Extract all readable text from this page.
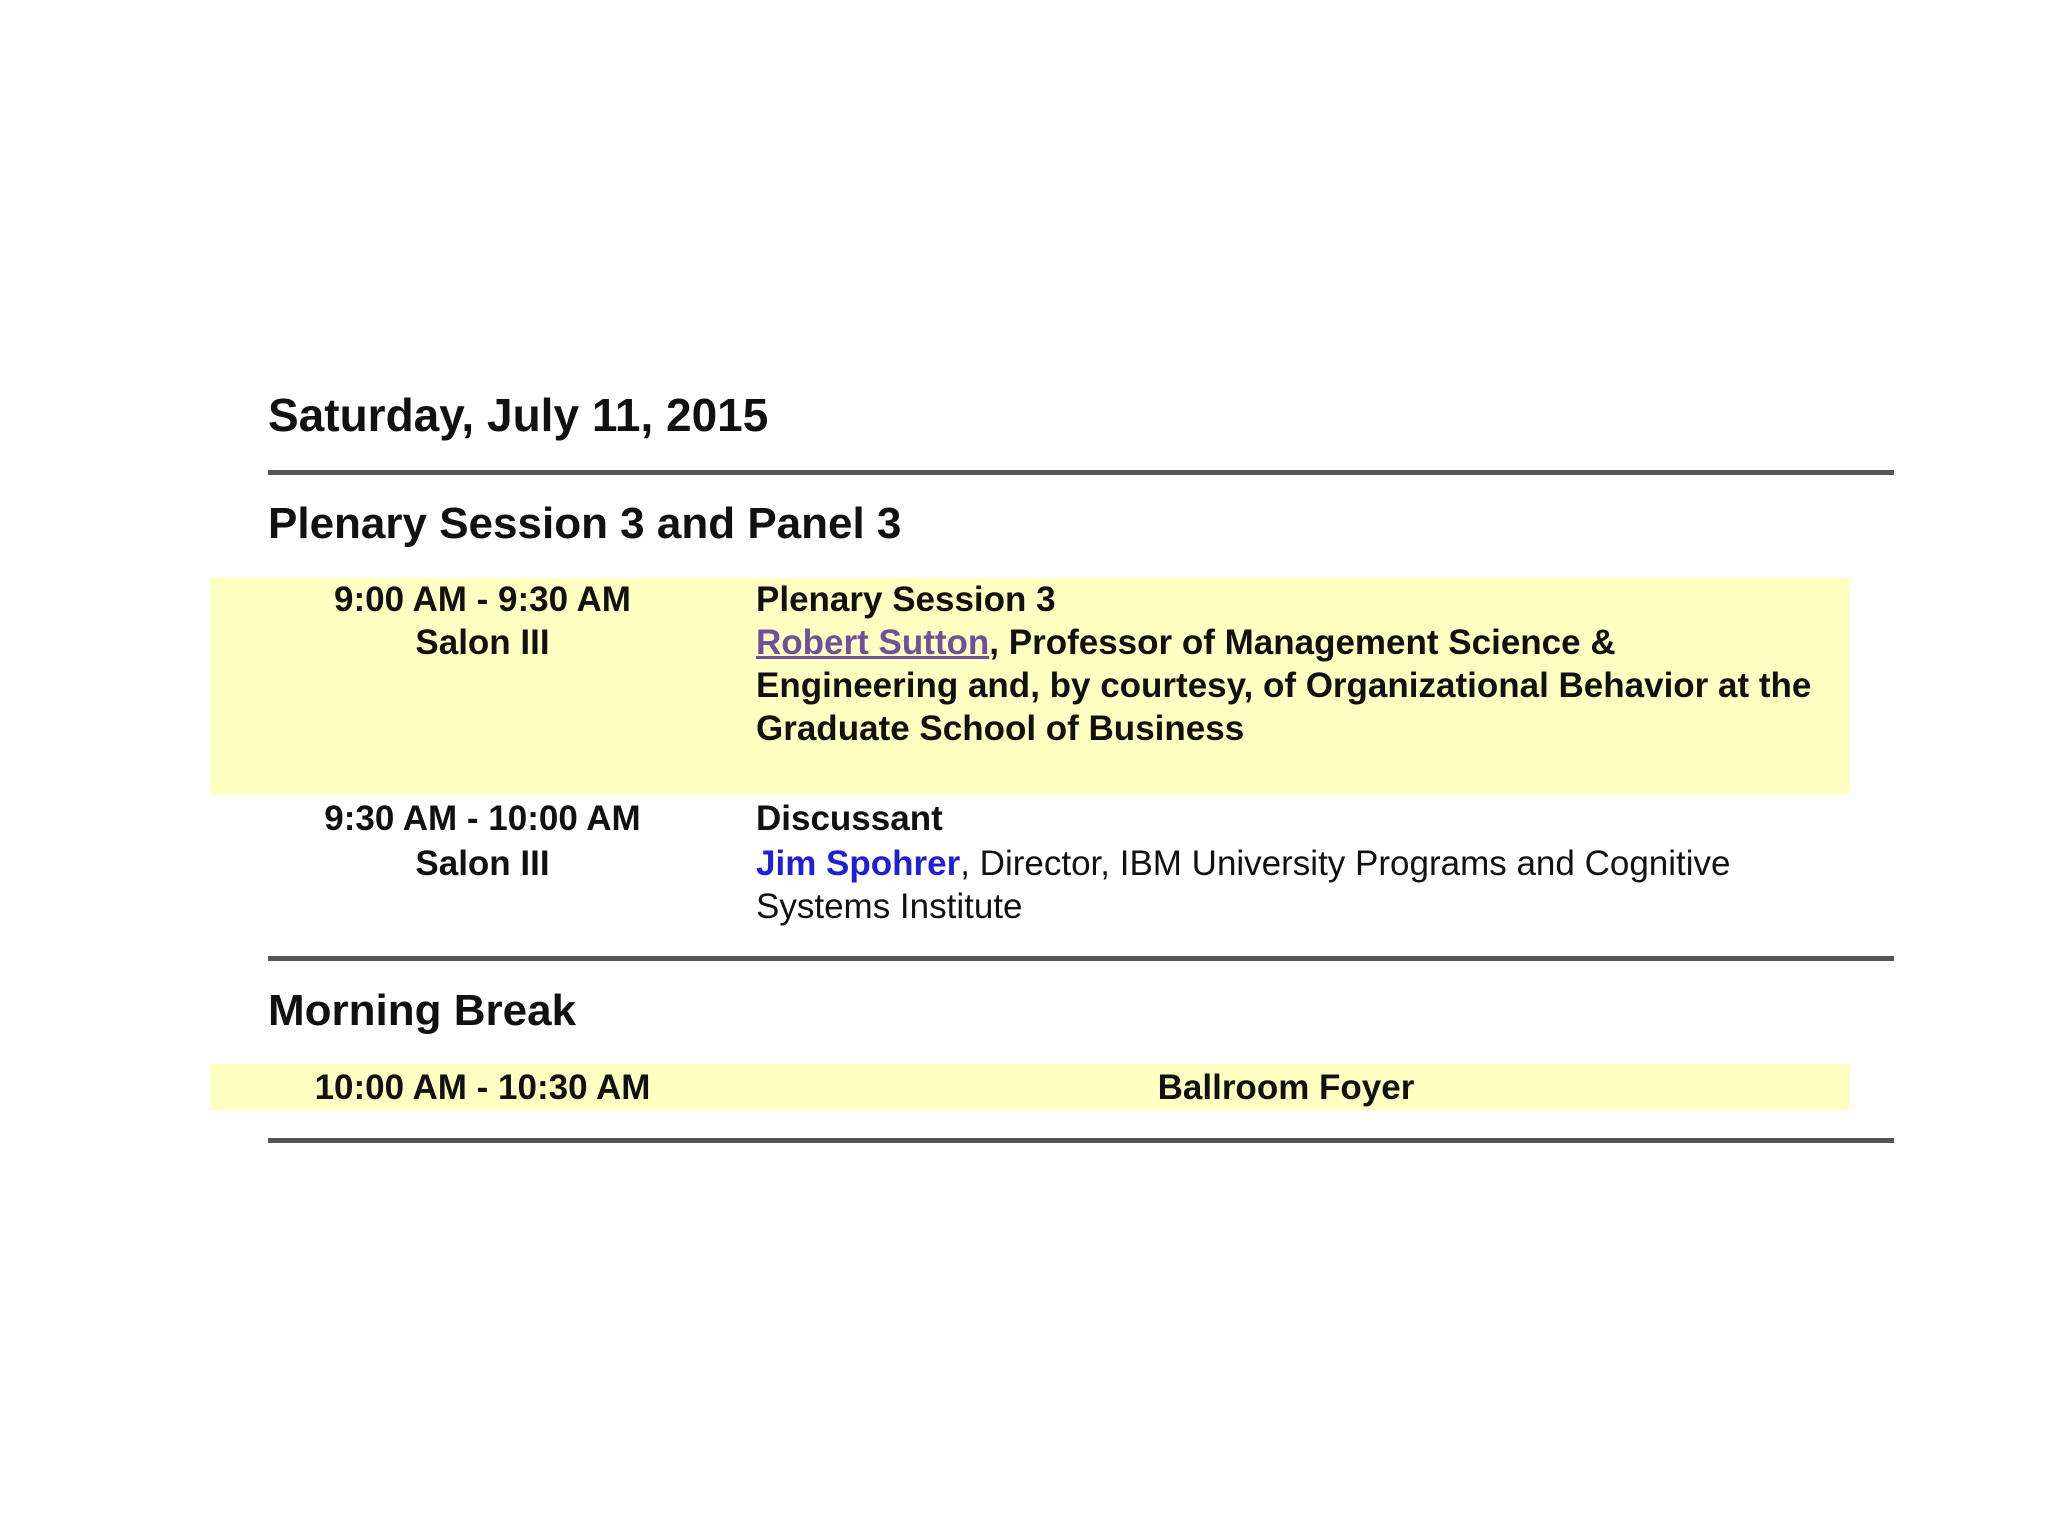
Saturday, July 11, 2015
Plenary Session 3 and Panel 3
9:00 AM - 9:30 AM
Salon III
Plenary Session 3
Robert Sutton, Professor of Management Science & Engineering and, by courtesy, of Organizational Behavior at the Graduate School of Business
9:30 AM - 10:00 AM
Salon III
Discussant
Jim Spohrer, Director, IBM University Programs and Cognitive Systems Institute
Morning Break
10:00 AM - 10:30 AM	Ballroom Foyer
